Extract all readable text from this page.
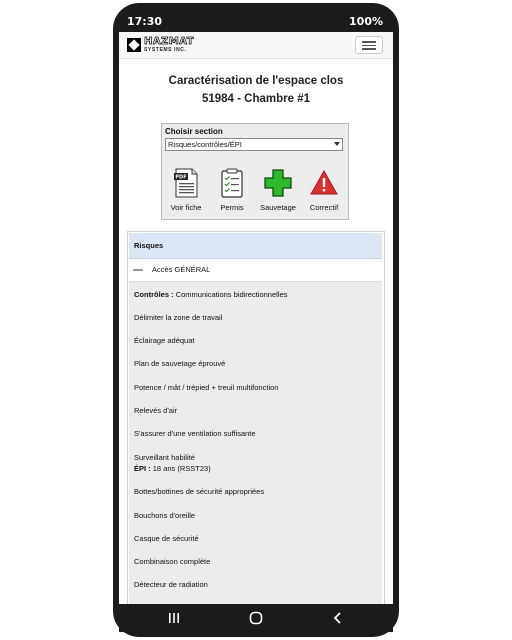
17:30	100%
HAZMAT
SYSTEMS INC.
Caractérisation de l'espace clos
51984 - Chambre #1
Choisir section
Risques/contrôles/ÉPI
PDF
Voir fiche	Permis	Sauvetage	Correctif
Risques
Accès GÉNÉRAL
Contrôles : Communications bidirectionnelles
Délimiter la zone de travail
Éclairage adéquat
Plan de sauvetage éprouvé
Potence / mât / trépied + treuil multifonction
Relevés d'air
S'assurer d'une ventilation suffisante
Surveillant habilité
ÉPI : 18 ans (RSST23)
Bottes/bottines de sécurité appropriées
Bouchons d'oreille
Casque de sécurité
Combinaison complète
Détecteur de radiation
